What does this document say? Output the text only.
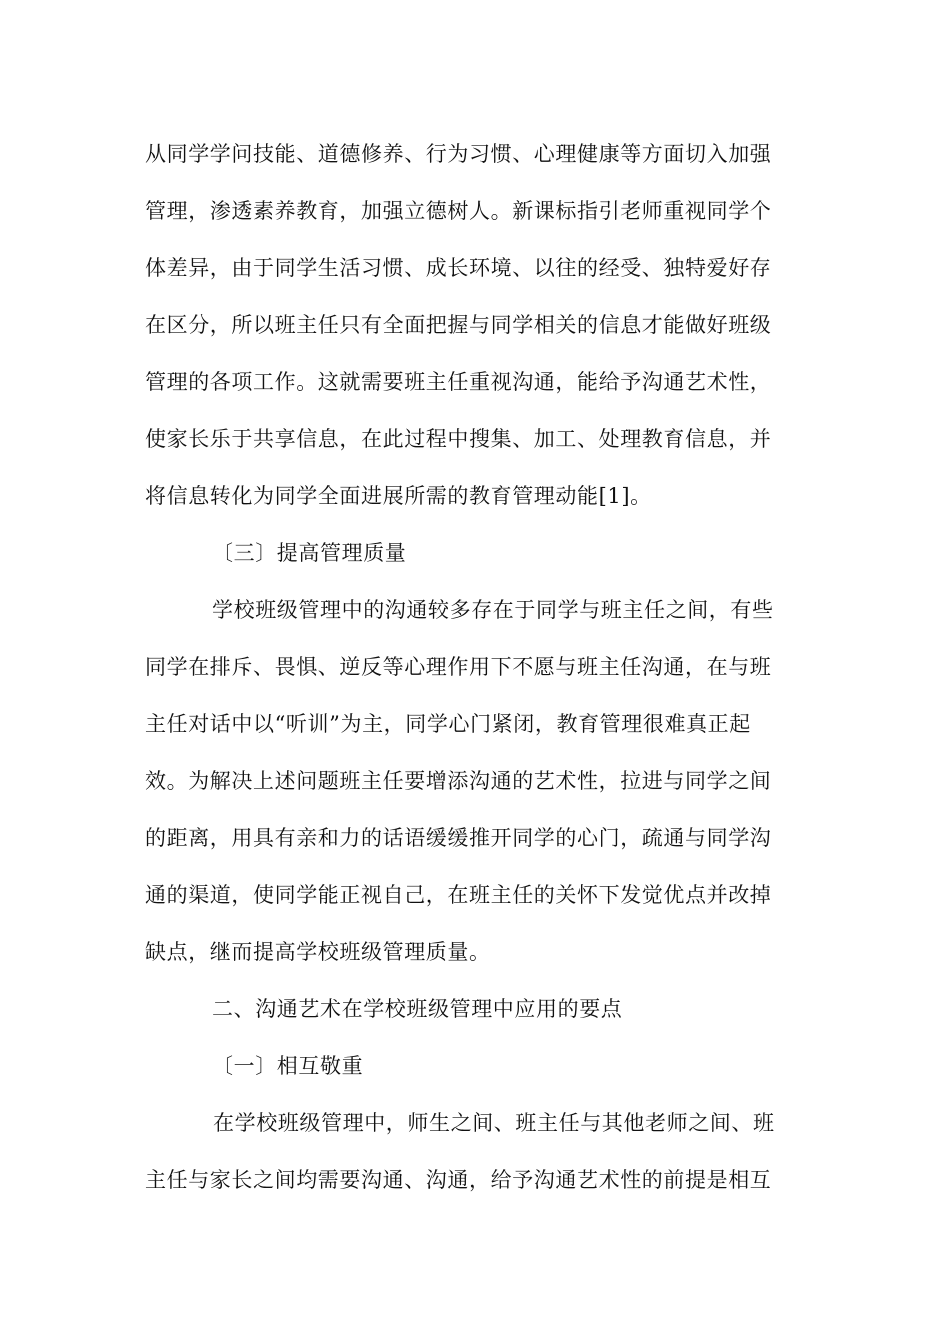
从同学学问技能、道德修养、行为习惯、心理健康等方面切入加强
管理，渗透素养教育，加强立德树人。新课标指引老师重视同学个
体差异，由于同学生活习惯、成长环境、以往的经受、独特爱好存
在区分，所以班主任只有全面把握与同学相关的信息才能做好班级
管理的各项工作。这就需要班主任重视沟通，能给予沟通艺术性，
使家长乐于共享信息，在此过程中搜集、加工、处理教育信息，并
将信息转化为同学全面进展所需的教育管理动能[1]。
〔三〕提高管理质量
学校班级管理中的沟通较多存在于同学与班主任之间，有些
同学在排斥、畏惧、逆反等心理作用下不愿与班主任沟通，在与班
主任对话中以“听训”为主，同学心门紧闭，教育管理很难真正起
效。为解决上述问题班主任要增添沟通的艺术性，拉进与同学之间
的距离，用具有亲和力的话语缓缓推开同学的心门，疏通与同学沟
通的渠道，使同学能正视自己，在班主任的关怀下发觉优点并改掉
缺点，继而提高学校班级管理质量。
二、沟通艺术在学校班级管理中应用的要点
〔一〕相互敬重
在学校班级管理中，师生之间、班主任与其他老师之间、班
主任与家长之间均需要沟通、沟通，给予沟通艺术性的前提是相互
